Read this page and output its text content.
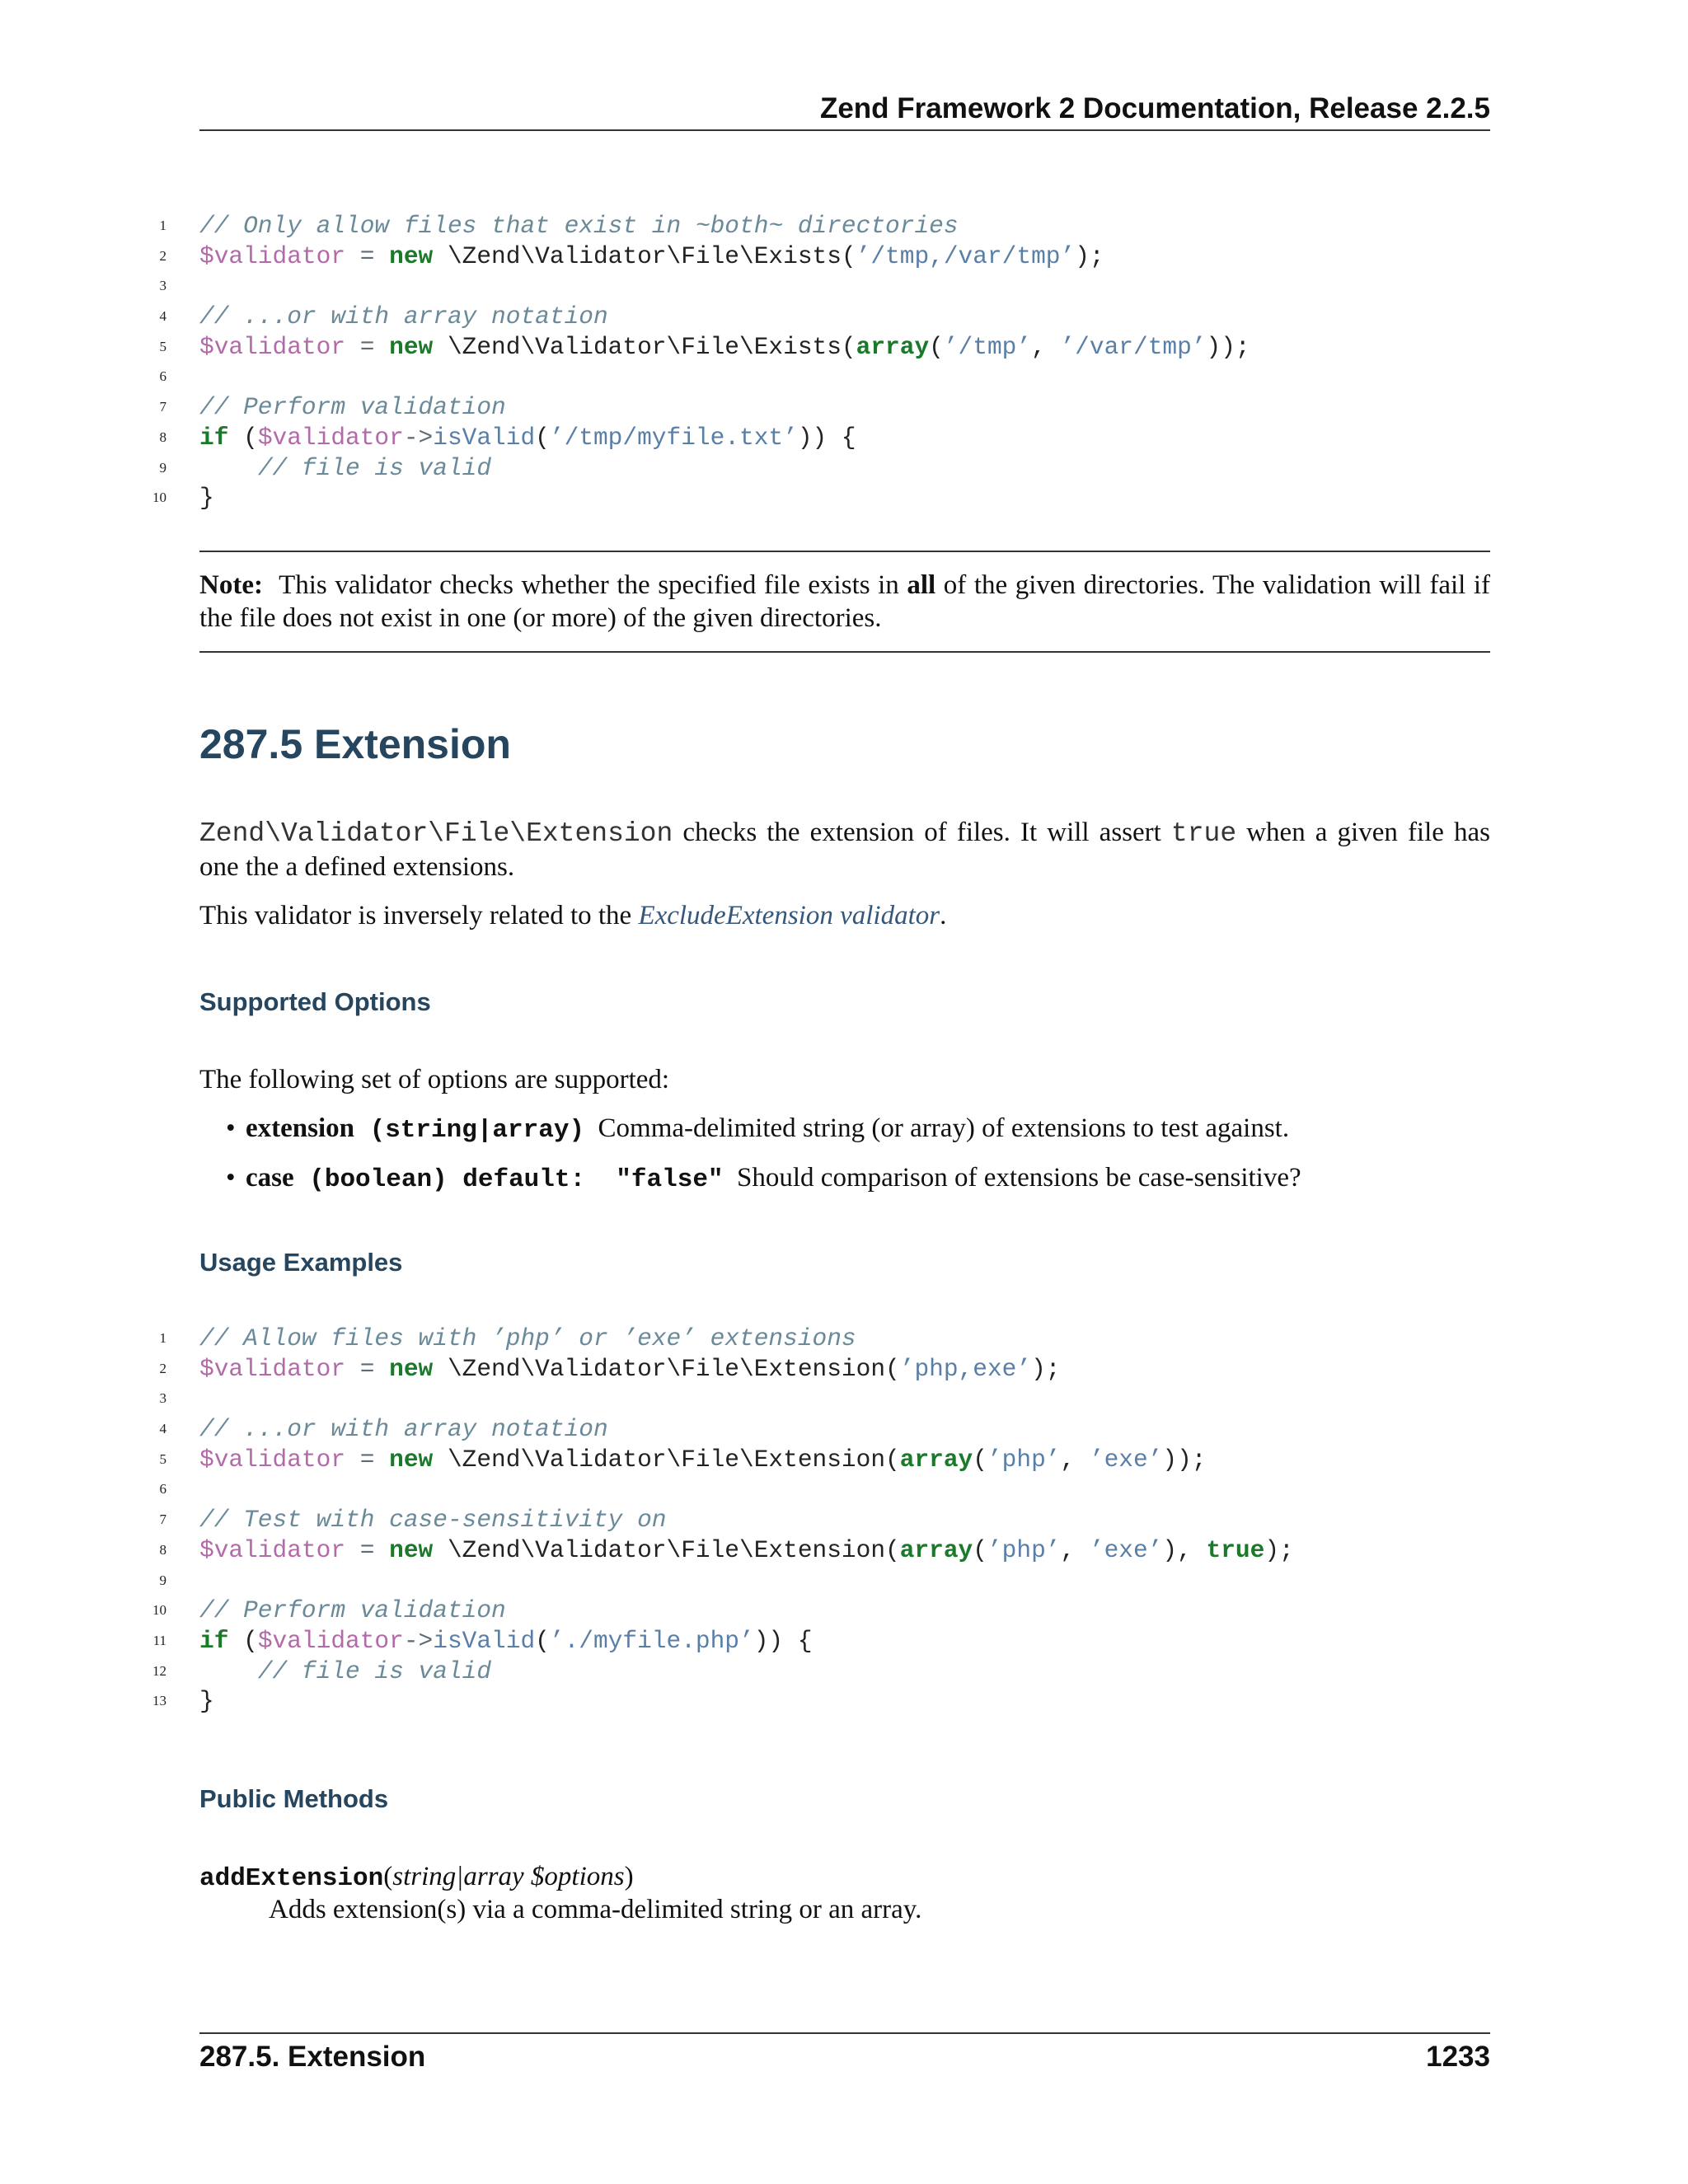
Zend Framework 2 Documentation, Release 2.2.5
1 // Only allow files that exist in ~both~ directories
2 $validator = new \Zend\Validator\File\Exists(’/tmp,/var/tmp’);
3
4 // ...or with array notation
5 $validator = new \Zend\Validator\File\Exists(array(’/tmp’, ’/var/tmp’));
6
7 // Perform validation
8 if ($validator->isValid(’/tmp/myfile.txt’)) {
9	// file is valid
10 }
Note: This validator checks whether the specified file exists in all of the given directories. The validation will fail if the file does not exist in one (or more) of the given directories.
287.5 Extension
Zend\Validator\File\Extension checks the extension of files. It will assert true when a given file has one the a defined extensions.
This validator is inversely related to the ExcludeExtension validator.
Supported Options
The following set of options are supported:
• extension (string|array) Comma-delimited string (or array) of extensions to test against.
• case (boolean) default:  "false" Should comparison of extensions be case-sensitive?
Usage Examples
1 // Allow files with ’php’ or ’exe’ extensions
2 $validator = new \Zend\Validator\File\Extension(’php,exe’);
3
4 // ...or with array notation
5 $validator = new \Zend\Validator\File\Extension(array(’php’, ’exe’));
6
7 // Test with case-sensitivity on
8 $validator = new \Zend\Validator\File\Extension(array(’php’, ’exe’), true);
9
10 // Perform validation
11 if ($validator->isValid(’./myfile.php’)) {
12	// file is valid
13 }
Public Methods
addExtension(string|array $options)
Adds extension(s) via a comma-delimited string or an array.
287.5. Extension	1233
